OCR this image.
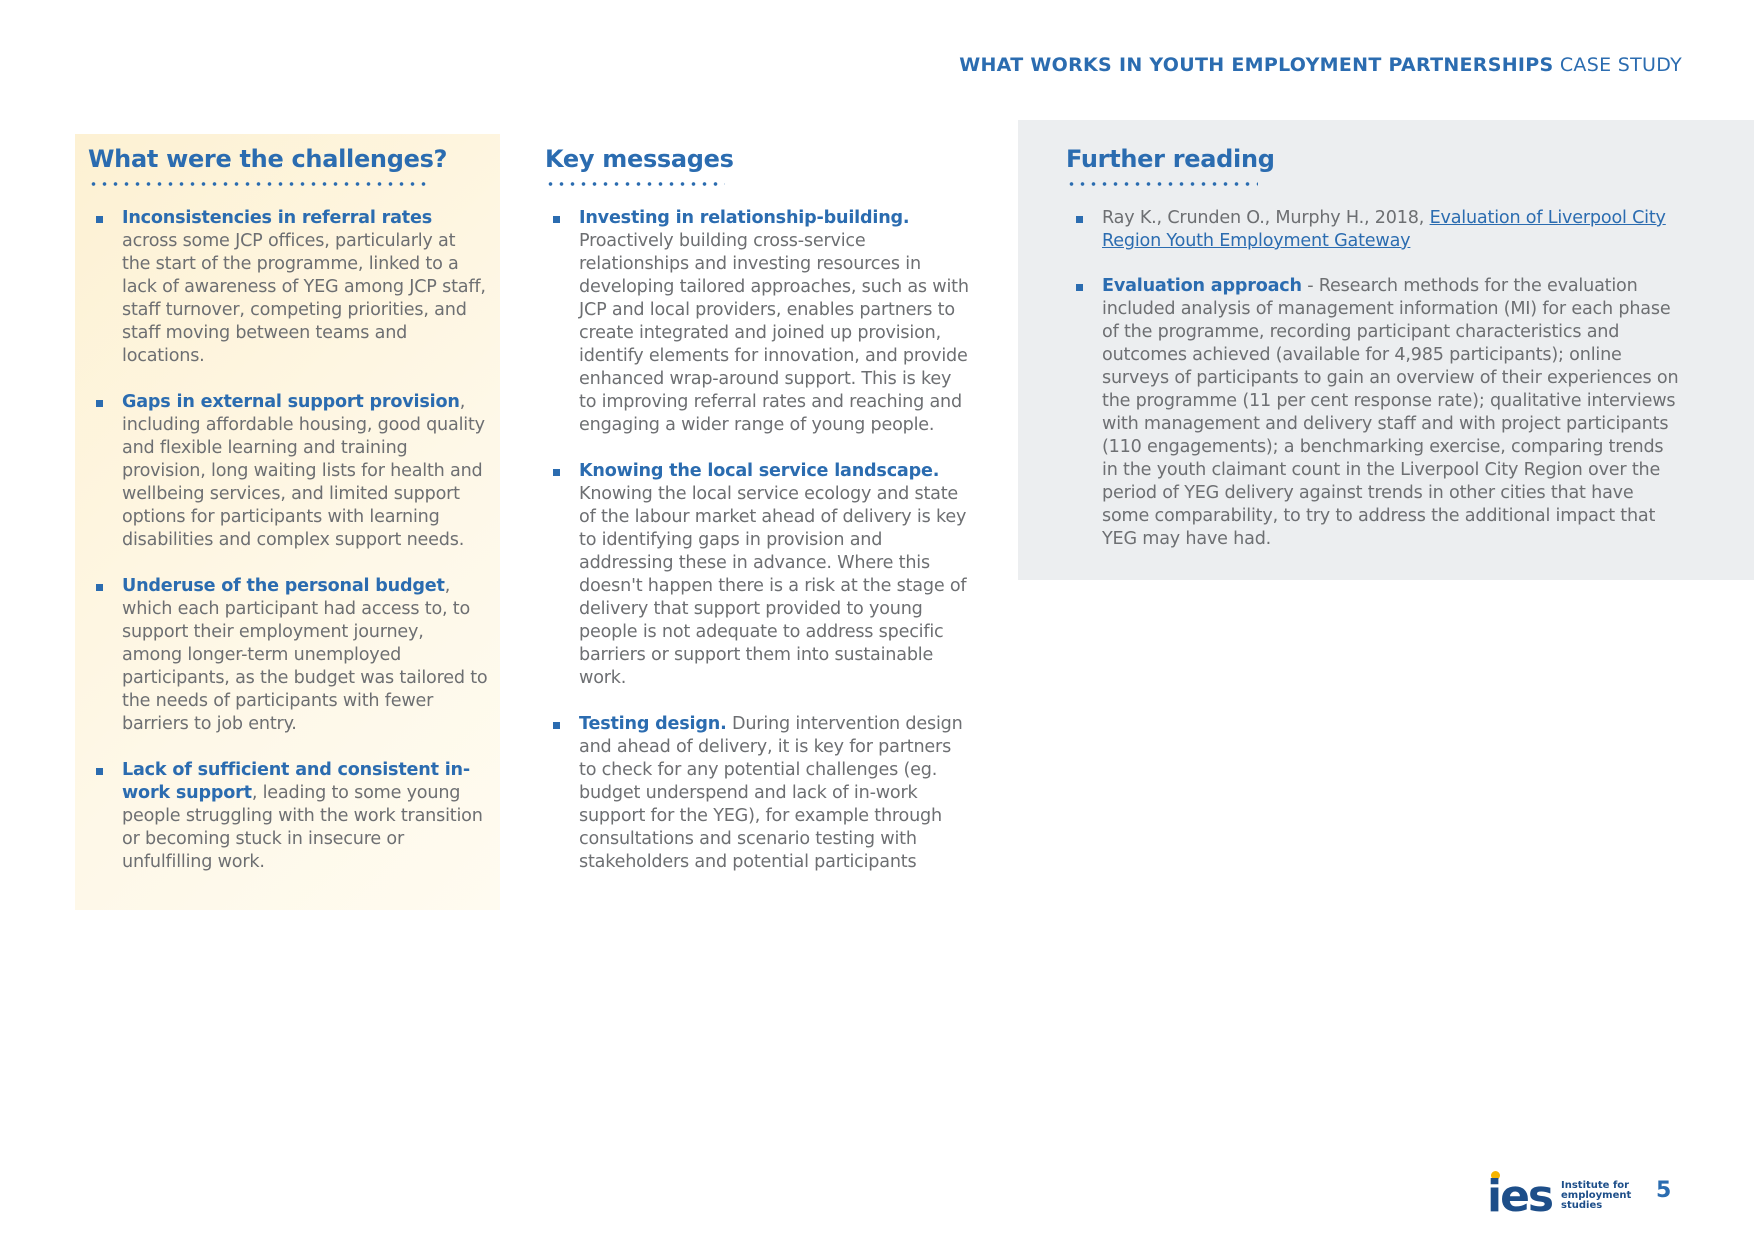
WHAT WORKS IN YOUTH EMPLOYMENT PARTNERSHIPS CASE STUDY
What were the challenges?
Inconsistencies in referral rates across some JCP offices, particularly at the start of the programme, linked to a lack of awareness of YEG among JCP staff, staff turnover, competing priorities, and staff moving between teams and locations.
Gaps in external support provision, including affordable housing, good quality and flexible learning and training provision, long waiting lists for health and wellbeing services, and limited support options for participants with learning disabilities and complex support needs.
Underuse of the personal budget, which each participant had access to, to support their employment journey, among longer-term unemployed participants, as the budget was tailored to the needs of participants with fewer barriers to job entry.
Lack of sufficient and consistent in-work support, leading to some young people struggling with the work transition or becoming stuck in insecure or unfulfilling work.
Key messages
Investing in relationship-building. Proactively building cross-service relationships and investing resources in developing tailored approaches, such as with JCP and local providers, enables partners to create integrated and joined up provision, identify elements for innovation, and provide enhanced wrap-around support. This is key to improving referral rates and reaching and engaging a wider range of young people.
Knowing the local service landscape. Knowing the local service ecology and state of the labour market ahead of delivery is key to identifying gaps in provision and addressing these in advance. Where this doesn't happen there is a risk at the stage of delivery that support provided to young people is not adequate to address specific barriers or support them into sustainable work.
Testing design. During intervention design and ahead of delivery, it is key for partners to check for any potential challenges (eg. budget underspend and lack of in-work support for the YEG), for example through consultations and scenario testing with stakeholders and potential participants
Further reading
Ray K., Crunden O., Murphy H., 2018, Evaluation of Liverpool City Region Youth Employment Gateway
Evaluation approach - Research methods for the evaluation included analysis of management information (MI) for each phase of the programme, recording participant characteristics and outcomes achieved (available for 4,985 participants); online surveys of participants to gain an overview of their experiences on the programme (11 per cent response rate); qualitative interviews with management and delivery staff and with project participants (110 engagements); a benchmarking exercise, comparing trends in the youth claimant count in the Liverpool City Region over the period of YEG delivery against trends in other cities that have some comparability, to try to address the additional impact that YEG may have had.
ies Institute for
employment
studies
5
